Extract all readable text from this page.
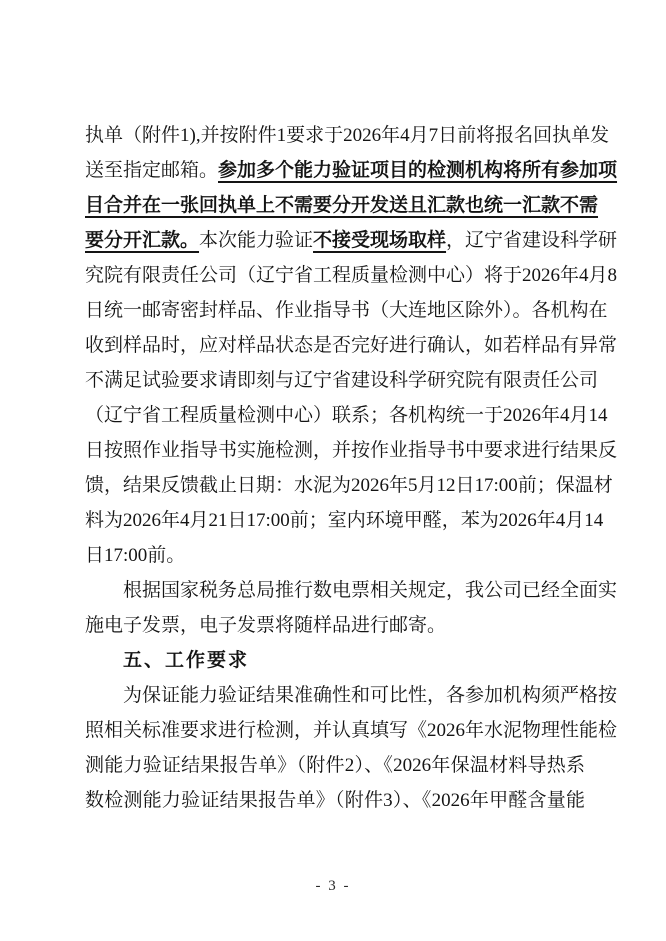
执单（附件1),并按附件1要求于2026年4月7日前将报名回执单发
送至指定邮箱。参加多个能力验证项目的检测机构将所有参加项
目合并在一张回执单上不需要分开发送且汇款也统一汇款不需
要分开汇款。本次能力验证不接受现场取样，辽宁省建设科学研
究院有限责任公司（辽宁省工程质量检测中心）将于2026年4月8
日统一邮寄密封样品、作业指导书（大连地区除外）。各机构在
收到样品时，应对样品状态是否完好进行确认，如若样品有异常
不满足试验要求请即刻与辽宁省建设科学研究院有限责任公司
（辽宁省工程质量检测中心）联系；各机构统一于2026年4月14
日按照作业指导书实施检测，并按作业指导书中要求进行结果反
馈，结果反馈截止日期：水泥为2026年5月12日17:00前；保温材
料为2026年4月21日17:00前；室内环境甲醛，苯为2026年4月14
日17:00前。
根据国家税务总局推行数电票相关规定，我公司已经全面实
施电子发票，电子发票将随样品进行邮寄。
五、工作要求
为保证能力验证结果准确性和可比性，各参加机构须严格按
照相关标准要求进行检测，并认真填写《2026年水泥物理性能检
测能力验证结果报告单》（附件2）、《2026年保温材料导热系
数检测能力验证结果报告单》（附件3）、《2026年甲醛含量能
- 3 -
